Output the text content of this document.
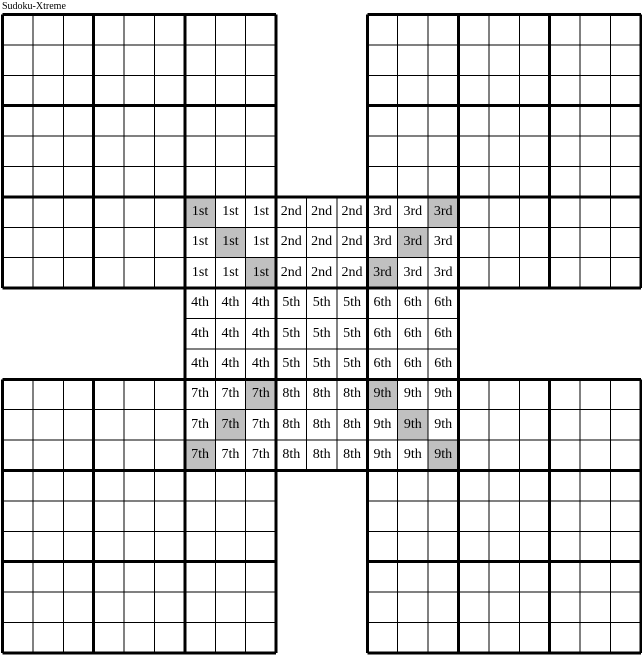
Sudoku-Xtreme
1st	1st	1st 2nd 2nd 2nd 3rd 3rd 3rd
1st	1st	1st 2nd 2nd 2nd 3rd 3rd 3rd
1st	1st	1st 2nd 2nd 2nd 3rd 3rd 3rd
4th 4th 4th 5th 5th 5th 6th 6th 6th
4th 4th 4th 5th 5th 5th 6th 6th 6th
4th 4th 4th 5th 5th 5th 6th 6th 6th
7th 7th 7th 8th 8th 8th 9th 9th 9th
7th 7th 7th 8th 8th 8th 9th 9th 9th
7th 7th 7th 8th 8th 8th 9th 9th 9th
